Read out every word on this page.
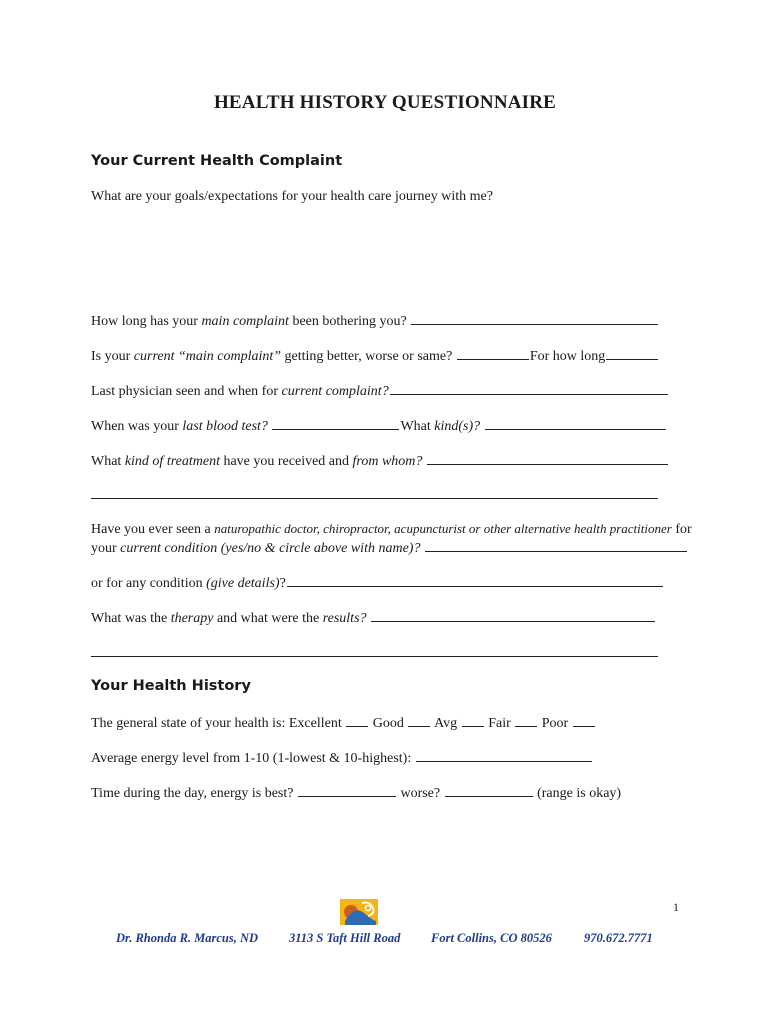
HEALTH HISTORY QUESTIONNAIRE
Your Current Health Complaint
What are your goals/expectations for your health care journey with me?
How long has your main complaint been bothering you?
Is your current “main complaint” getting better, worse or same?	For how long
Last physician seen and when for current complaint?
When was your last blood test?	What kind(s)?
What kind of treatment have you received and from whom?
Have you ever seen a naturopathic doctor, chiropractor, acupuncturist or other alternative health practitioner for
your current condition (yes/no & circle above with name)?
or for any condition (give details)?
What was the therapy and what were the results?
Your Health History
The general state of your health is: Excellent  Good  Avg  Fair  Poor
Average energy level from 1-10 (1-lowest & 10-highest):
Time during the day, energy is best?	worse?	(range is okay)
1
Dr. Rhonda R. Marcus, ND 3113 S Taft Hill Road Fort Collins, CO 80526	970.672.7771
